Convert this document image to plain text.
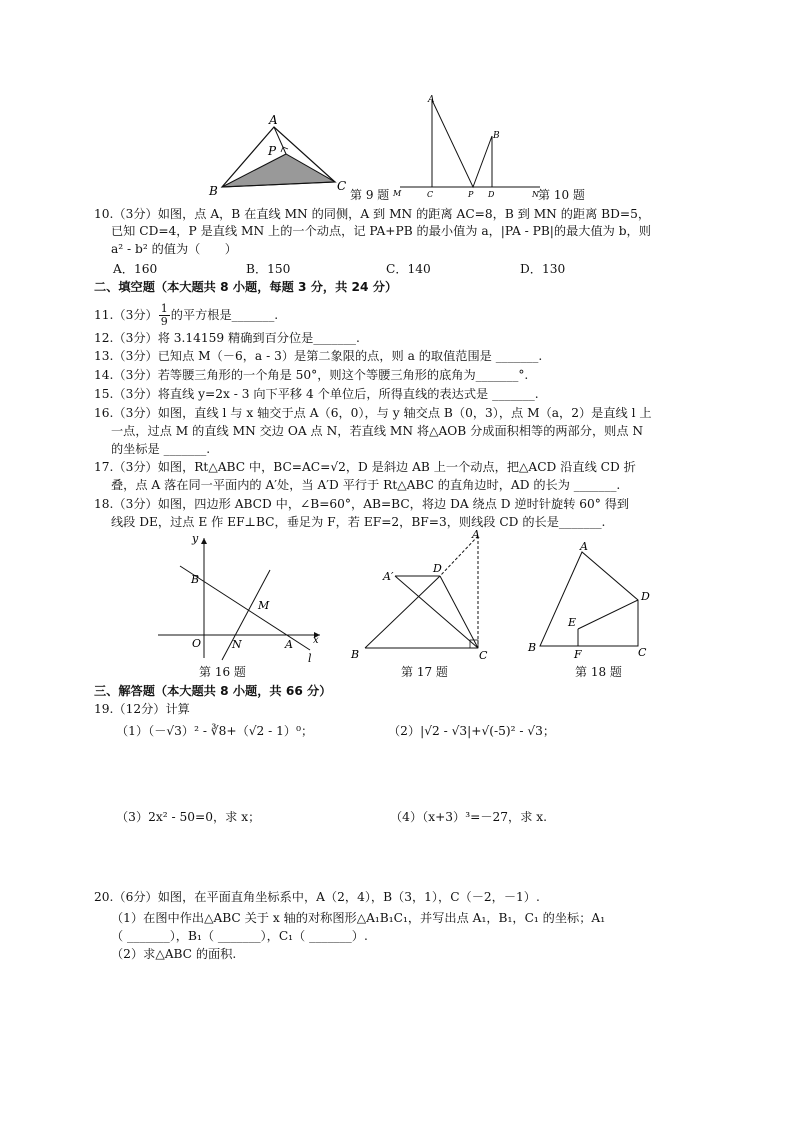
A
P
B	C
第 9 题
A
B
M	C	P D	N 第 10 题
10.（3分）如图，点 A，B 在直线 MN 的同侧，A 到 MN 的距离 AC=8，B 到 MN 的距离 BD=5，
已知 CD=4，P 是直线 MN 上的一个动点，记 PA+PB 的最小值为 a，|PA - PB|的最大值为 b，则
a² - b² 的值为（　　）
A．160	B．150	C．140	D．130
二、填空题（本大题共 8 小题，每题 3 分，共 24 分）
11.（3分） $\frac{1}{9}$ 的平方根是_______.
12.（3分）将 3.14159 精确到百分位是_______.
13.（3分）已知点 M（－6，a - 3）是第二象限的点，则 a 的取值范围是 _______.
14.（3分）若等腰三角形的一个角是 50°，则这个等腰三角形的底角为_______°.
15.（3分）将直线 y=2x - 3 向下平移 4 个单位后，所得直线的表达式是 _______.
16.（3分）如图，直线 l 与 x 轴交于点 A（6，0），与 y 轴交点 B（0，3），点 M（a，2）是直线 l 上
一点，过点 M 的直线 MN 交边 OA 点 N，若直线 MN 将△AOB 分成面积相等的两部分，则点 N
的坐标是 _______.
17.（3分）如图，Rt△ABC 中，BC=AC=√2，D 是斜边 AB 上一个动点，把△ACD 沿直线 CD 折
叠，点 A 落在同一平面内的 A′处，当 A′D 平行于 Rt△ABC 的直角边时，AD 的长为 _______.
18.（3分）如图，四边形 ABCD 中，∠B=60°，AB=BC，将边 DA 绕点 D 逆时针旋转 60° 得到
线段 DE，过点 E 作 EF⊥BC，垂足为 F，若 EF=2，BF=3，则线段 CD 的长是_______.
y
x
B
M
O	N	A
l
第 16 题
A
A′
D
B	C
第 17 题
A
D
E
B
F	C
第 18 题
三、解答题（本大题共 8 小题，共 66 分）
19.（12分）计算
（1）（－√3）² - ∛8+（√2 - 1）⁰；	（2）|√2 - √3|+√(-5)² - √3；
（3）2x² - 50=0，求 x；	（4）（x+3）³=－27，求 x.
20.（6分）如图，在平面直角坐标系中，A（2，4），B（3，1），C（－2，－1）.
（1）在图中作出△ABC 关于 x 轴的对称图形△A₁B₁C₁，并写出点 A₁，B₁，C₁ 的坐标；A₁
（ _______），B₁（ _______），C₁（ _______）.
（2）求△ABC 的面积.
